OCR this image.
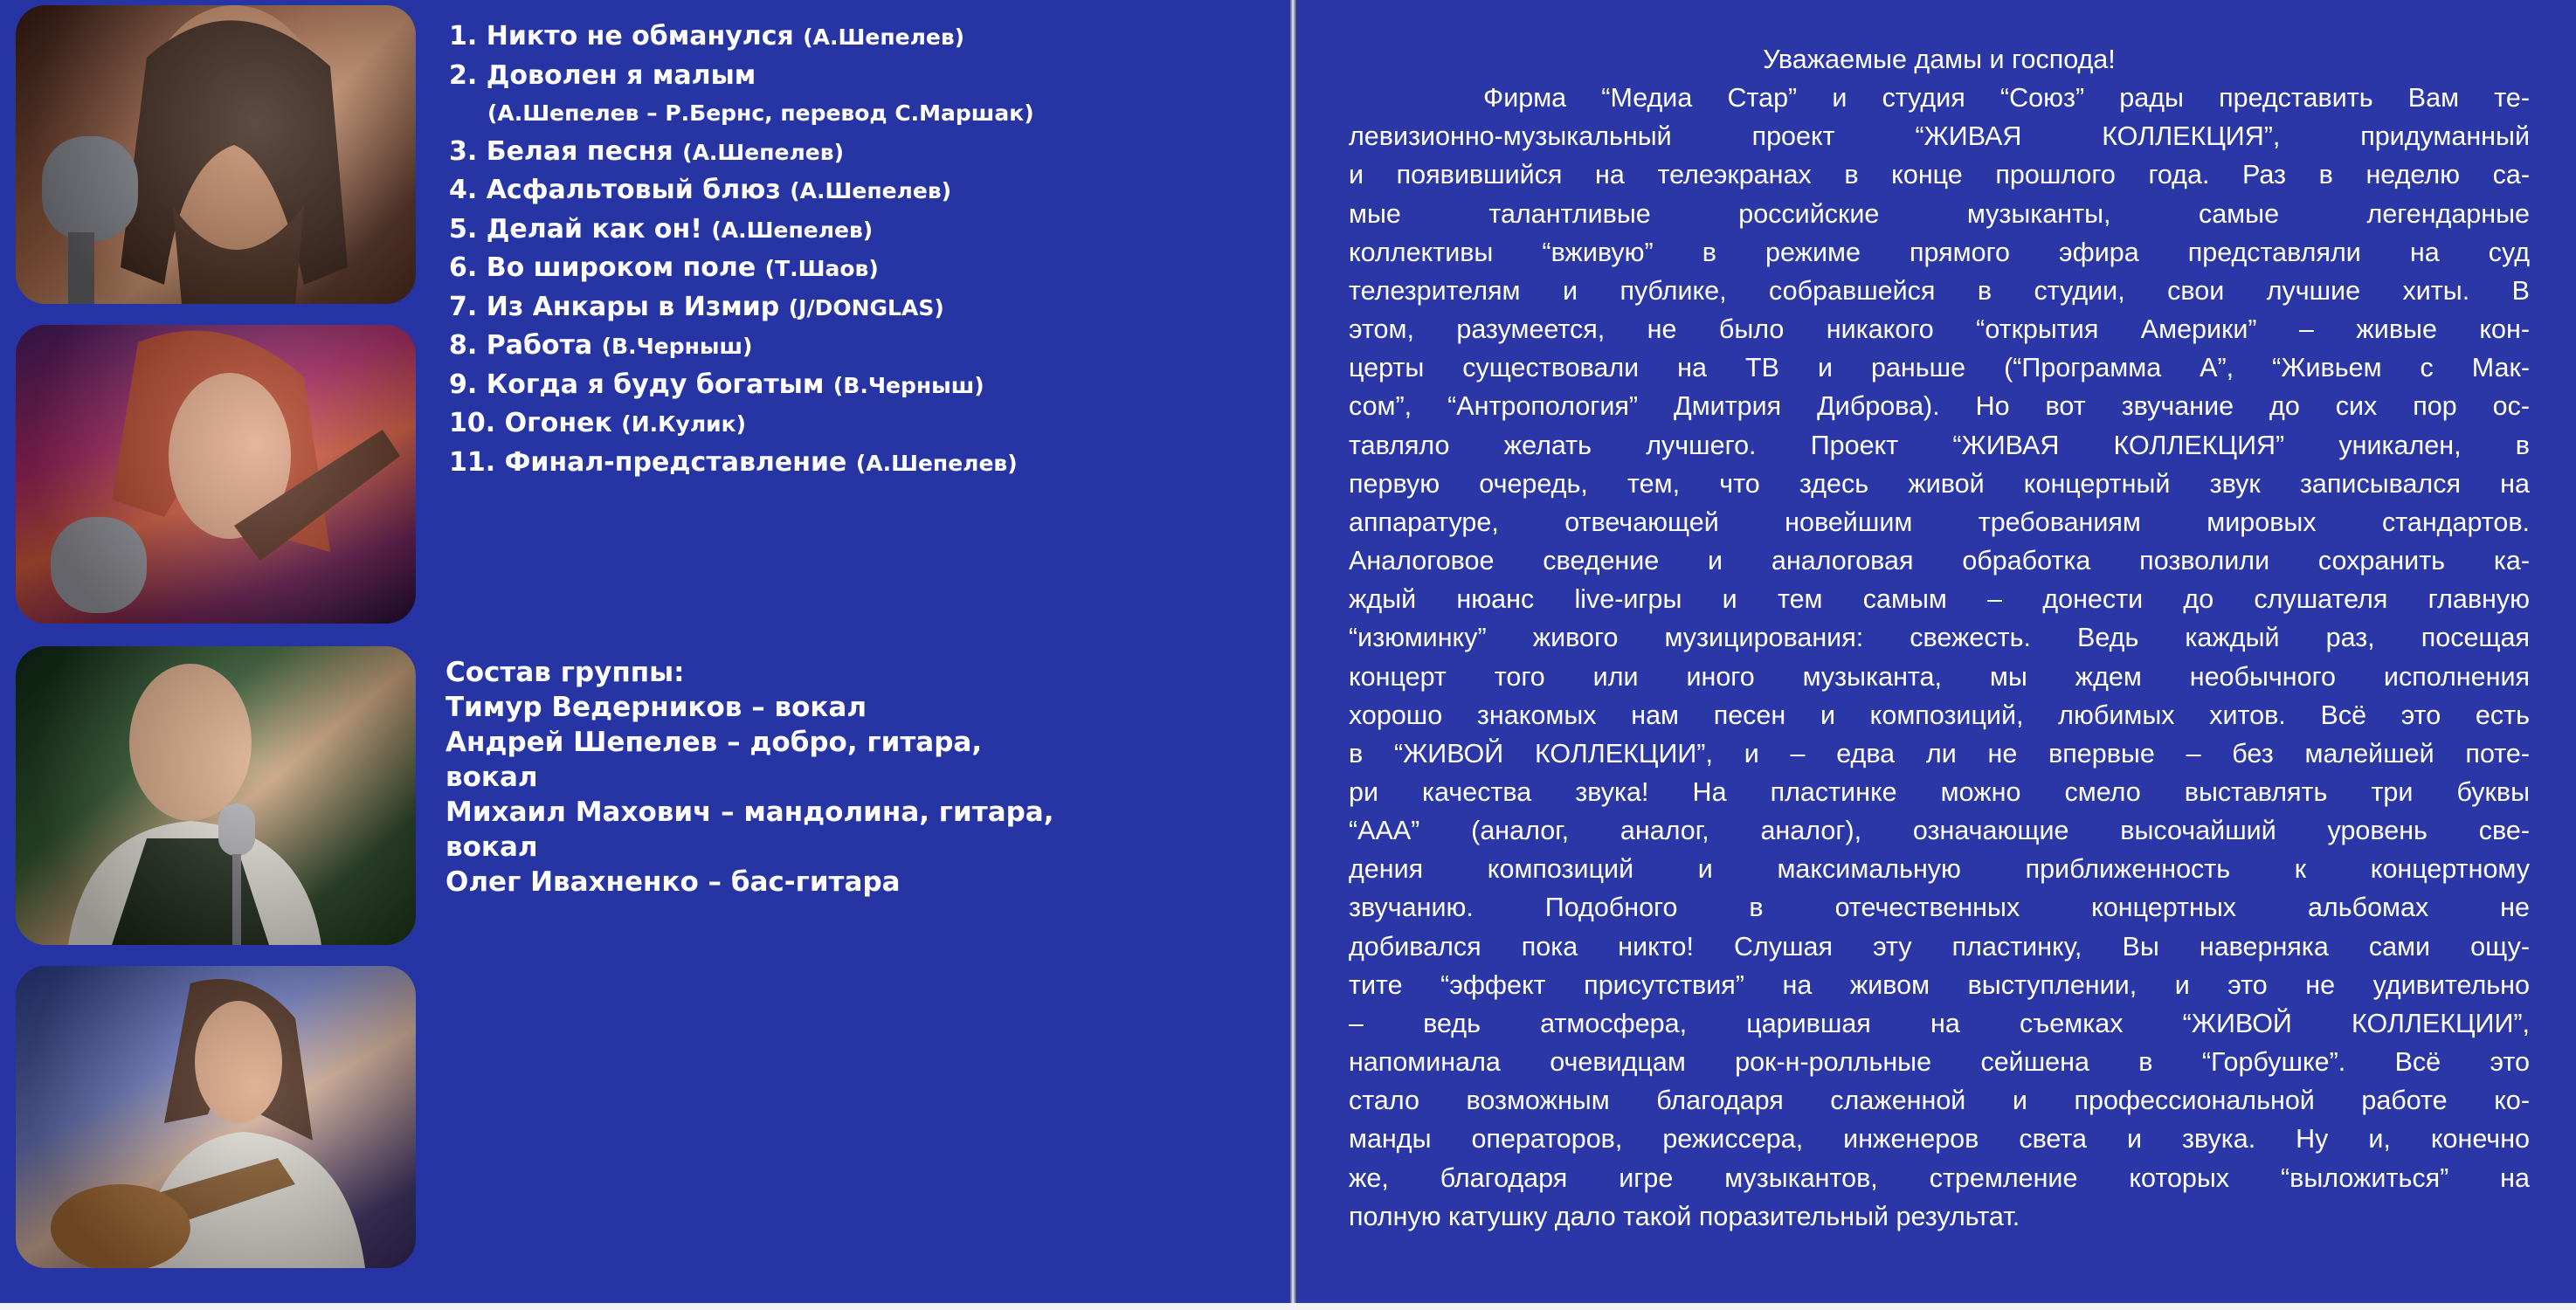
1. Никто не обманулся (А.Шепелев)
2. Доволен я малым
(А.Шепелев – Р.Бернс, перевод С.Маршак)
3. Белая песня (А.Шепелев)
4. Асфальтовый блюз (А.Шепелев)
5. Делай как он! (А.Шепелев)
6. Во широком поле (Т.Шаов)
7. Из Анкары в Измир (J/DONGLAS)
8. Работа (В.Черныш)
9. Когда я буду богатым (В.Черныш)
10. Огонек (И.Кулик)
11. Финал-представление (А.Шепелев)
Состав группы:
Тимур Ведерников – вокал
Андрей Шепелев – добро, гитара,
вокал
Михаил Махович – мандолина, гитара,
вокал
Олег Ивахненко – бас-гитара

Уважаемые дамы и господа!

Фирма “Медиа Стар” и студия “Союз” рады представить Вам те-
левизионно-музыкальный проект “ЖИВАЯ КОЛЛЕКЦИЯ”, придуманный
и появившийся на телеэкранах в конце прошлого года. Раз в неделю са-
мые талантливые российские музыканты, самые легендарные
коллективы “вживую” в режиме прямого эфира представляли на суд
телезрителям и публике, собравшейся в студии, свои лучшие хиты. В
этом, разумеется, не было никакого “открытия Америки” – живые кон-
церты существовали на ТВ и раньше (“Программа А”, “Живьем с Мак-
сом”, “Антропология” Дмитрия Диброва). Но вот звучание до сих пор ос-
тавляло желать лучшего. Проект “ЖИВАЯ КОЛЛЕКЦИЯ” уникален, в
первую очередь, тем, что здесь живой концертный звук записывался на
аппаратуре, отвечающей новейшим требованиям мировых стандартов.
Аналоговое сведение и аналоговая обработка позволили сохранить ка-
ждый нюанс live-игры и тем самым – донести до слушателя главную
“изюминку” живого музицирования: свежесть. Ведь каждый раз, посещая
концерт того или иного музыканта, мы ждем необычного исполнения
хорошо знакомых нам песен и композиций, любимых хитов. Всё это есть
в “ЖИВОЙ КОЛЛЕКЦИИ”, и – едва ли не впервые – без малейшей поте-
ри качества звука! На пластинке можно смело выставлять три буквы
“ААА” (аналог, аналог, аналог), означающие высочайший уровень све-
дения композиций и максимальную приближенность к концертному
звучанию. Подобного в отечественных концертных альбомах не
добивался пока никто! Слушая эту пластинку, Вы наверняка сами ощу-
тите “эффект присутствия” на живом выступлении, и это не удивительно
– ведь атмосфера, царившая на съемках “ЖИВОЙ КОЛЛЕКЦИИ”,
напоминала очевидцам рок-н-ролльные сейшена в “Горбушке”. Всё это
стало возможным благодаря слаженной и профессиональной работе ко-
манды операторов, режиссера, инженеров света и звука. Ну и, конечно
же, благодаря игре музыкантов, стремление которых “выложиться” на
полную катушку дало такой поразительный результат.
